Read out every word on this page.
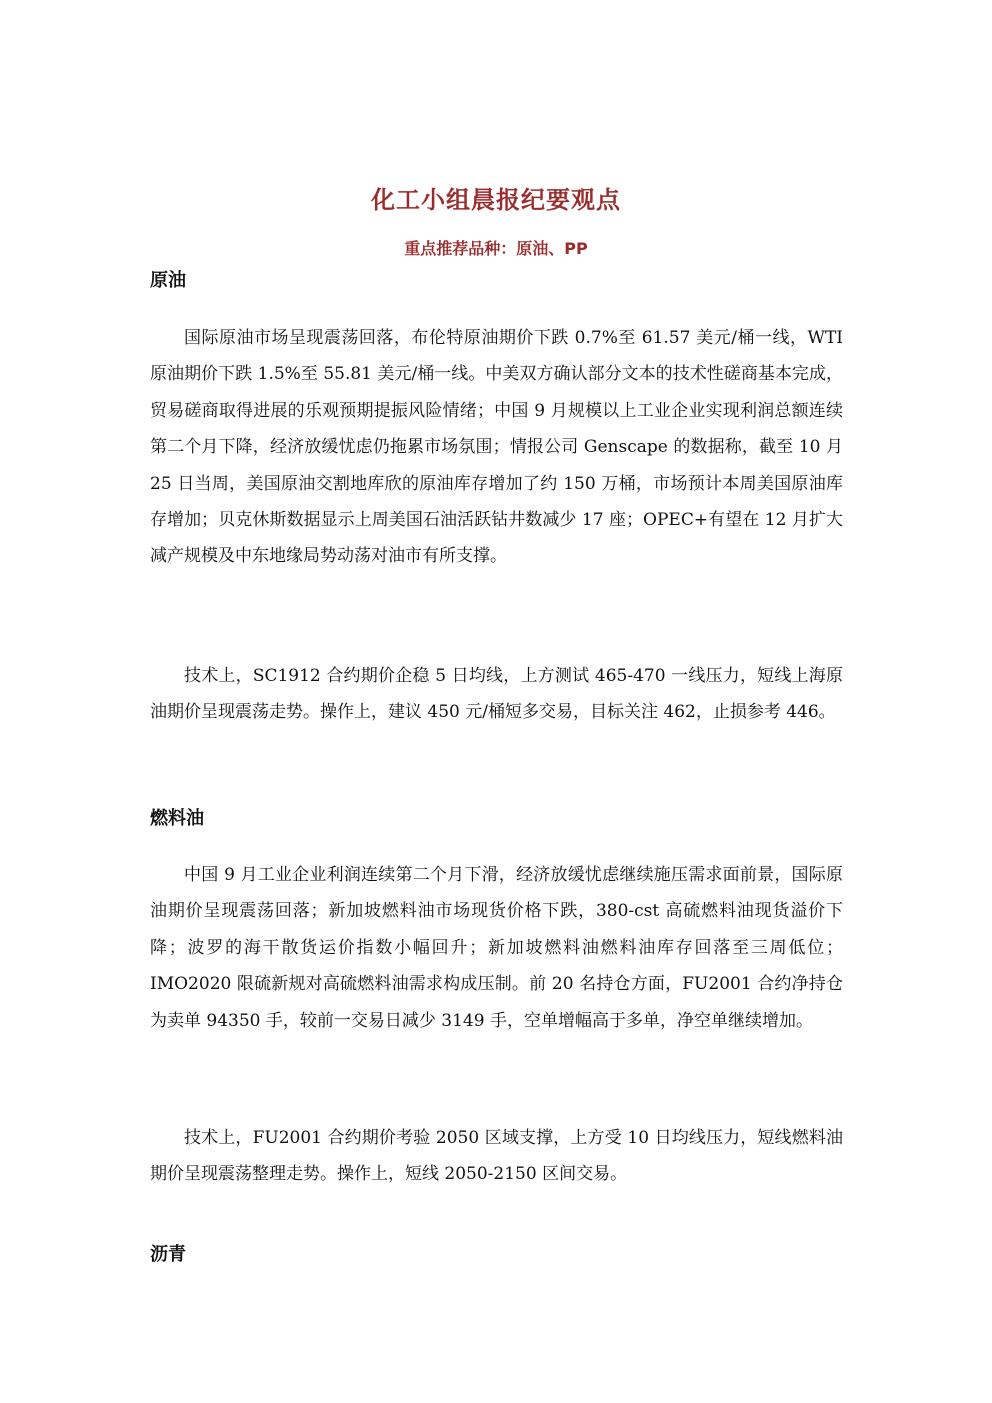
化工小组晨报纪要观点
重点推荐品种：原油、PP
原油

国际原油市场呈现震荡回落，布伦特原油期价下跌 0.7%至 61.57 美元/桶一线，WTI 原油期价下跌 1.5%至 55.81 美元/桶一线。中美双方确认部分文本的技术性磋商基本完成，贸易磋商取得进展的乐观预期提振风险情绪；中国 9 月规模以上工业企业实现利润总额连续第二个月下降，经济放缓忧虑仍拖累市场氛围；情报公司 Genscape 的数据称，截至 10 月 25 日当周，美国原油交割地库欣的原油库存增加了约 150 万桶，市场预计本周美国原油库存增加；贝克休斯数据显示上周美国石油活跃钻井数减少 17 座；OPEC+有望在 12 月扩大减产规模及中东地缘局势动荡对油市有所支撑。

技术上，SC1912 合约期价企稳 5 日均线，上方测试 465-470 一线压力，短线上海原油期价呈现震荡走势。操作上，建议 450 元/桶短多交易，目标关注 462，止损参考 446。

燃料油

中国 9 月工业企业利润连续第二个月下滑，经济放缓忧虑继续施压需求面前景，国际原油期价呈现震荡回落；新加坡燃料油市场现货价格下跌，380-cst 高硫燃料油现货溢价下降；波罗的海干散货运价指数小幅回升；新加坡燃料油燃料油库存回落至三周低位；IMO2020 限硫新规对高硫燃料油需求构成压制。前 20 名持仓方面，FU2001 合约净持仓为卖单 94350 手，较前一交易日减少 3149 手，空单增幅高于多单，净空单继续增加。

技术上，FU2001 合约期价考验 2050 区域支撑，上方受 10 日均线压力，短线燃料油期价呈现震荡整理走势。操作上，短线 2050-2150 区间交易。

沥青
